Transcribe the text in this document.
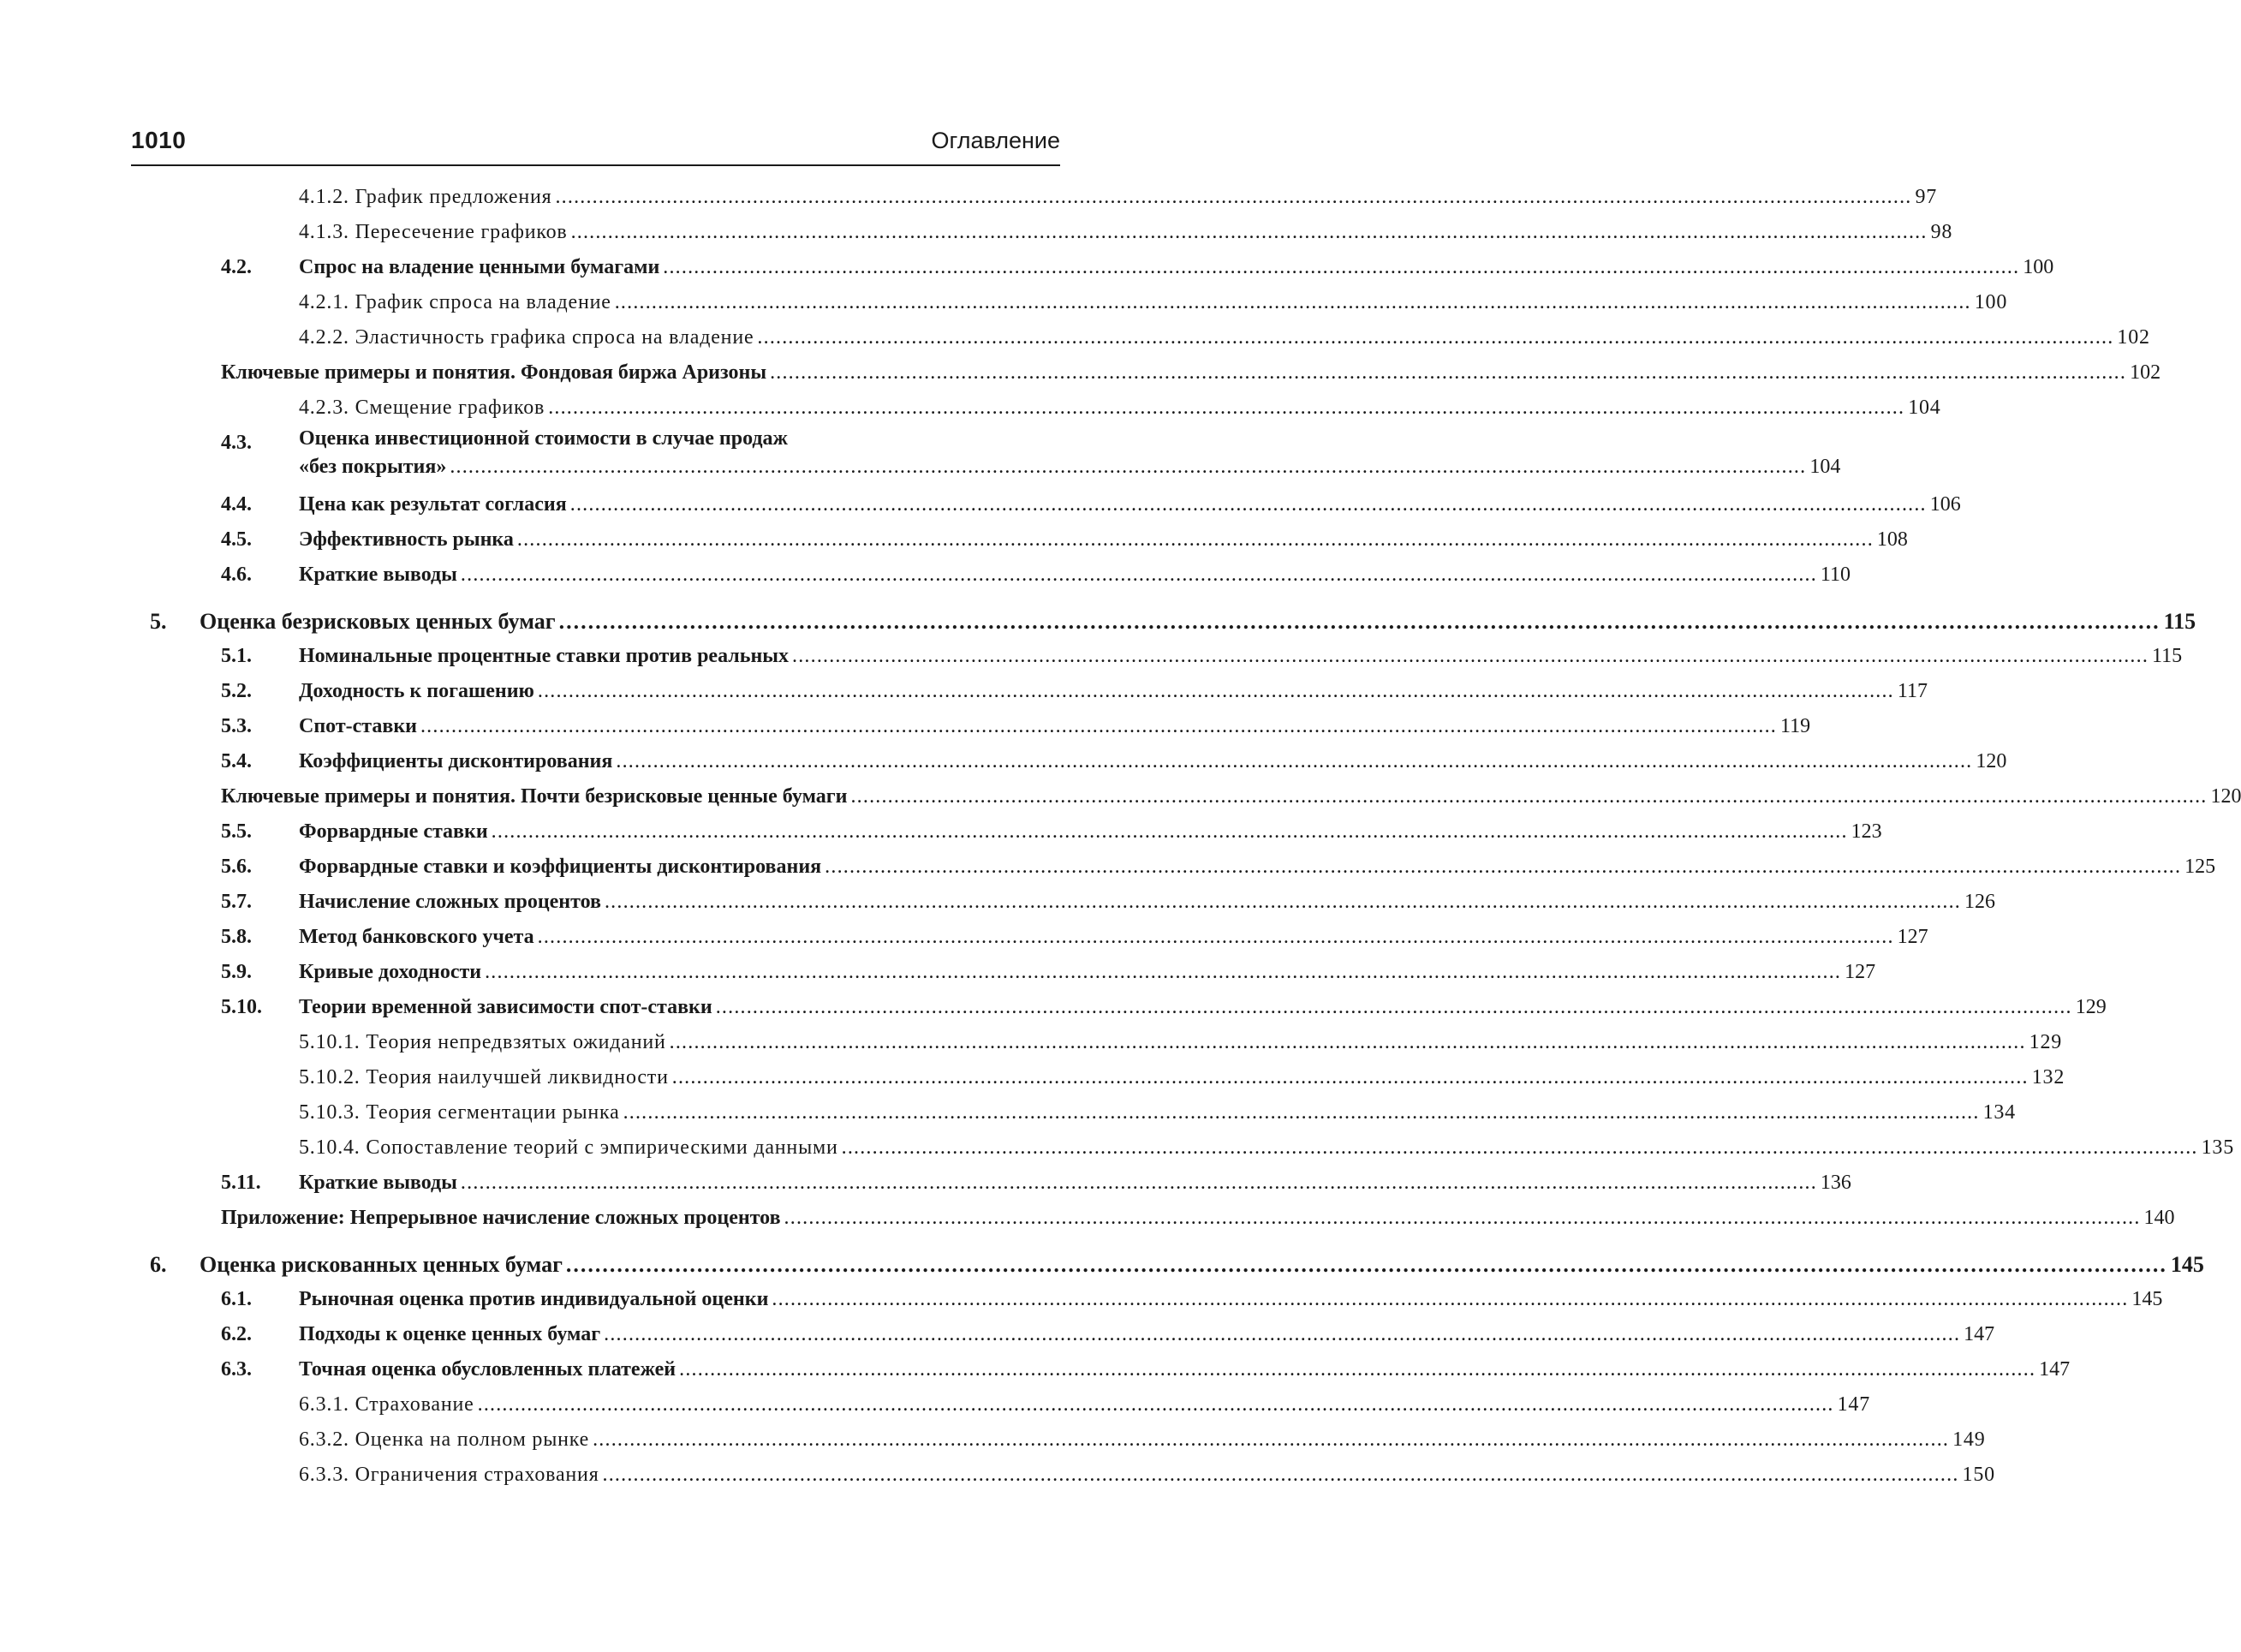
1010	Оглавление
4.1.2. График предложения ............................................................................................................................................................................................................................ 97
4.1.3. Пересечение графиков ............................................................................................................................................................................................................................ 98
4.2. Спрос на владение ценными бумагами ............................................................................................................................................................................................................................ 100
4.2.1. График спроса на владение ............................................................................................................................................................................................................................ 100
4.2.2. Эластичность графика спроса на владение ............................................................................................................................................................................................................................ 102
Ключевые примеры и понятия. Фондовая биржа Аризоны ............................................................................................................................................................................................................................ 102
4.2.3. Смещение графиков ............................................................................................................................................................................................................................ 104
4.3. Оценка инвестиционной стоимости в случае продаж
«без покрытия» ............................................................................................................................................................................................................................ 104
4.4. Цена как результат согласия ............................................................................................................................................................................................................................ 106
4.5. Эффективность рынка ............................................................................................................................................................................................................................ 108
4.6. Краткие выводы ............................................................................................................................................................................................................................ 110
5. Оценка безрисковых ценных бумаг ............................................................................................................................................................................................................................ 115
5.1. Номинальные процентные ставки против реальных ............................................................................................................................................................................................................................ 115
5.2. Доходность к погашению ............................................................................................................................................................................................................................ 117
5.3. Спот-ставки ............................................................................................................................................................................................................................ 119
5.4. Коэффициенты дисконтирования ............................................................................................................................................................................................................................ 120
Ключевые примеры и понятия. Почти безрисковые ценные бумаги ............................................................................................................................................................................................................................ 120
5.5. Форвардные ставки ............................................................................................................................................................................................................................ 123
5.6. Форвардные ставки и коэффициенты дисконтирования ............................................................................................................................................................................................................................ 125
5.7. Начисление сложных процентов ............................................................................................................................................................................................................................ 126
5.8. Метод банковского учета ............................................................................................................................................................................................................................ 127
5.9. Кривые доходности ............................................................................................................................................................................................................................ 127
5.10. Теории временной зависимости спот-ставки ............................................................................................................................................................................................................................ 129
5.10.1. Теория непредвзятых ожиданий ............................................................................................................................................................................................................................ 129
5.10.2. Теория наилучшей ликвидности ............................................................................................................................................................................................................................ 132
5.10.3. Теория сегментации рынка ............................................................................................................................................................................................................................ 134
5.10.4. Сопоставление теорий с эмпирическими данными ............................................................................................................................................................................................................................ 135
5.11. Краткие выводы ............................................................................................................................................................................................................................ 136
Приложение: Непрерывное начисление сложных процентов ............................................................................................................................................................................................................................ 140
6. Оценка рискованных ценных бумаг ............................................................................................................................................................................................................................ 145
6.1. Рыночная оценка против индивидуальной оценки ............................................................................................................................................................................................................................ 145
6.2. Подходы к оценке ценных бумаг ............................................................................................................................................................................................................................ 147
6.3. Точная оценка обусловленных платежей ............................................................................................................................................................................................................................ 147
6.3.1. Страхование ............................................................................................................................................................................................................................ 147
6.3.2. Оценка на полном рынке ............................................................................................................................................................................................................................ 149
6.3.3. Ограничения страхования ............................................................................................................................................................................................................................ 150
